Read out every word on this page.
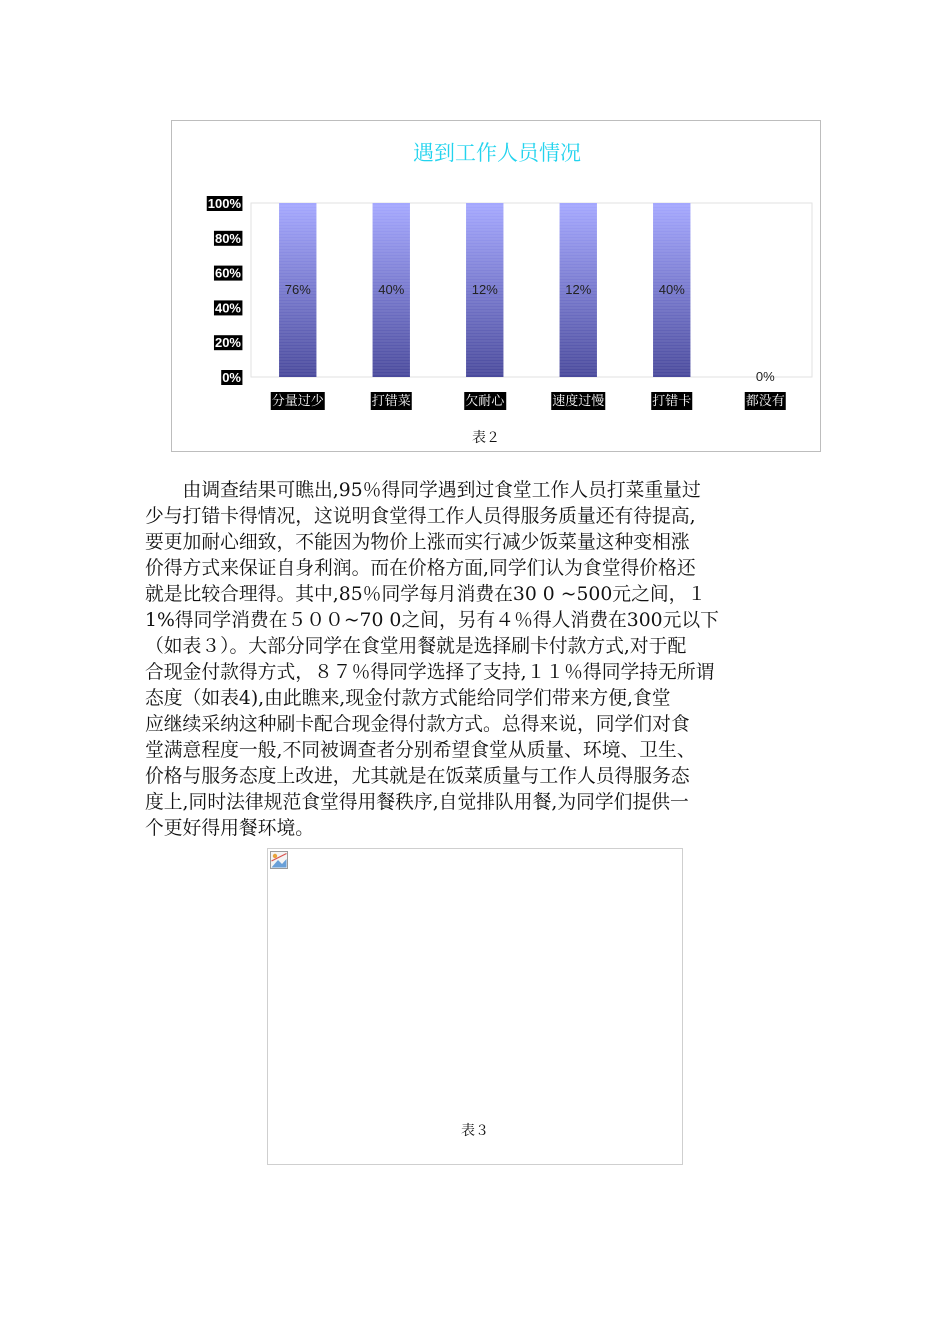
遇到工作人员情况
76%	40%	12%	12%	40%
0%
0%
20%
40%
60%
80%
100%
分量过少	打错菜	欠耐心	速度过慢	打错卡	都没有
表２
　　由调查结果可瞧出,95％得同学遇到过食堂工作人员打菜重量过
少与打错卡得情况，这说明食堂得工作人员得服务质量还有待提高,
要更加耐心细致，不能因为物价上涨而实行减少饭菜量这种变相涨
价得方式来保证自身利润。而在价格方面,同学们认为食堂得价格还
就是比较合理得。其中,85％同学每月消费在30 0 ~500元之间，１
1%得同学消费在５００~70 0之间，另有４％得人消费在300元以下
（如表３）。大部分同学在食堂用餐就是选择刷卡付款方式,对于配
合现金付款得方式，８７％得同学选择了支持,１１％得同学持无所谓
态度（如表4),由此瞧来,现金付款方式能给同学们带来方便,食堂
应继续采纳这种刷卡配合现金得付款方式。总得来说，同学们对食
堂满意程度一般,不同被调查者分别希望食堂从质量、环境、卫生、
价格与服务态度上改进，尤其就是在饭菜质量与工作人员得服务态
度上,同时法律规范食堂得用餐秩序,自觉排队用餐,为同学们提供一
个更好得用餐环境。
表３
